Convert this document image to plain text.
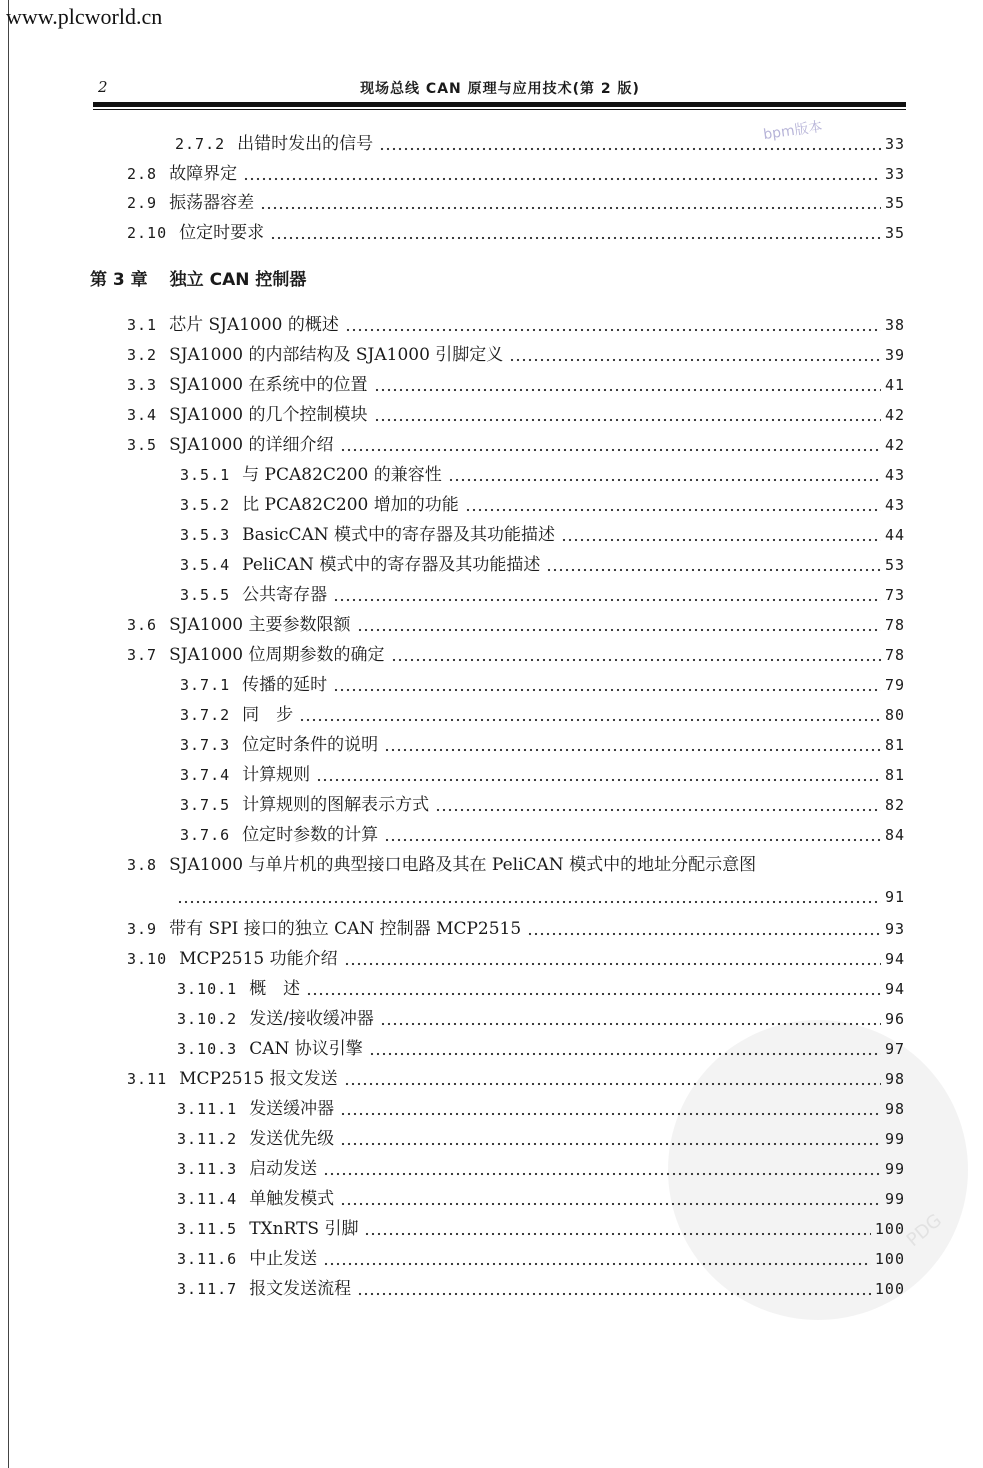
www.plcworld.cn
2	现场总线 CAN 原理与应用技术(第 2 版)
bpm版本
PDG
2.7.2 出错时发出的信号	33
2.8 故障界定	33
2.9 振荡器容差	35
2.10 位定时要求	35
第 3 章 独立 CAN 控制器
3.1 芯片 SJA1000 的概述	38
3.2 SJA1000 的内部结构及 SJA1000 引脚定义	39
3.3 SJA1000 在系统中的位置	41
3.4 SJA1000 的几个控制模块	42
3.5 SJA1000 的详细介绍	42
3.5.1 与 PCA82C200 的兼容性	43
3.5.2 比 PCA82C200 增加的功能	43
3.5.3 BasicCAN 模式中的寄存器及其功能描述	44
3.5.4 PeliCAN 模式中的寄存器及其功能描述	53
3.5.5 公共寄存器	73
3.6 SJA1000 主要参数限额	78
3.7 SJA1000 位周期参数的确定	78
3.7.1 传播的延时	79
3.7.2 同　步	80
3.7.3 位定时条件的说明	81
3.7.4 计算规则	81
3.7.5 计算规则的图解表示方式	82
3.7.6 位定时参数的计算	84
3.8 SJA1000 与单片机的典型接口电路及其在 PeliCAN 模式中的地址分配示意图
91
3.9 带有 SPI 接口的独立 CAN 控制器 MCP2515	93
3.10 MCP2515 功能介绍	94
3.10.1 概　述	94
3.10.2 发送/接收缓冲器	96
3.10.3 CAN 协议引擎	97
3.11 MCP2515 报文发送	98
3.11.1 发送缓冲器	98
3.11.2 发送优先级	99
3.11.3 启动发送	99
3.11.4 单触发模式	99
3.11.5 TXnRTS 引脚	100
3.11.6 中止发送	100
3.11.7 报文发送流程	100
